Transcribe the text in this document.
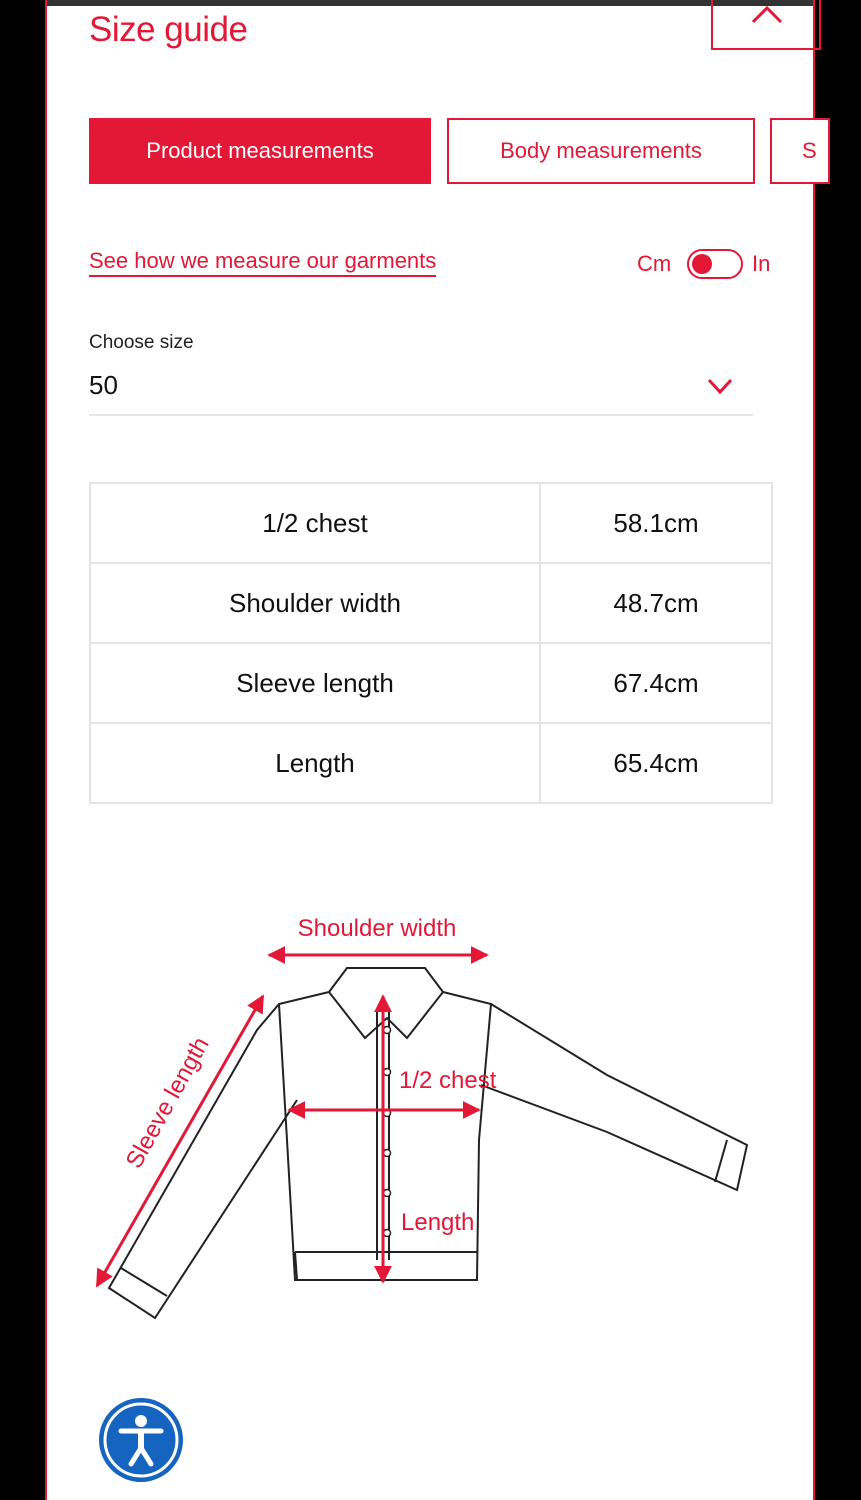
Size guide
Product measurements	Body measurements	S
See how we measure our garments	Cm	In
Choose size
50
1/2 chest	58.1cm
Shoulder width	48.7cm
Sleeve length	67.4cm
Length	65.4cm
Shoulder width
1/2 chest
Length
Sleeve length
